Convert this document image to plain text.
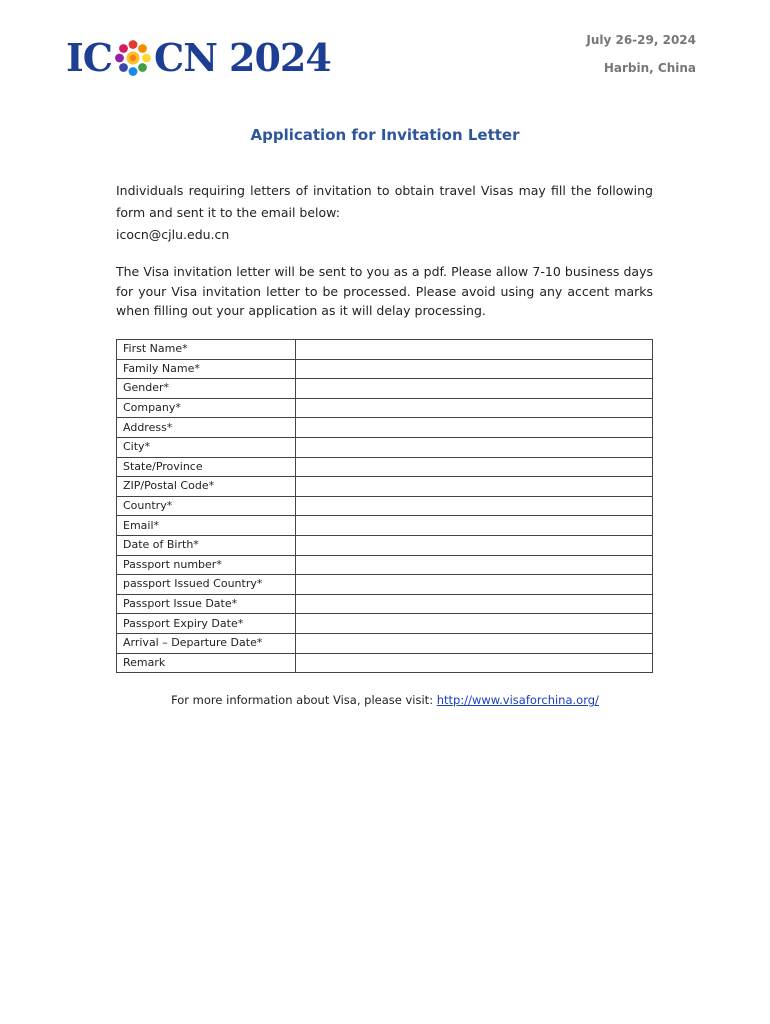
IC CN 2024	July 26-29, 2024
Harbin, China
Application for Invitation Letter
Individuals requiring letters of invitation to obtain travel Visas may fill the following form and sent it to the email below:
icocn@cjlu.edu.cn
The Visa invitation letter will be sent to you as a pdf. Please allow 7-10 business days for your Visa invitation letter to be processed. Please avoid using any accent marks when filling out your application as it will delay processing.
First Name*	
Family Name*	
Gender*	
Company*	
Address*	
City*	
State/Province	
ZIP/Postal Code*	
Country*	
Email*	
Date of Birth*	
Passport number*	
passport Issued Country*	
Passport Issue Date*	
Passport Expiry Date*	
Arrival – Departure Date*	
Remark	
For more information about Visa, please visit: http://www.visaforchina.org/
